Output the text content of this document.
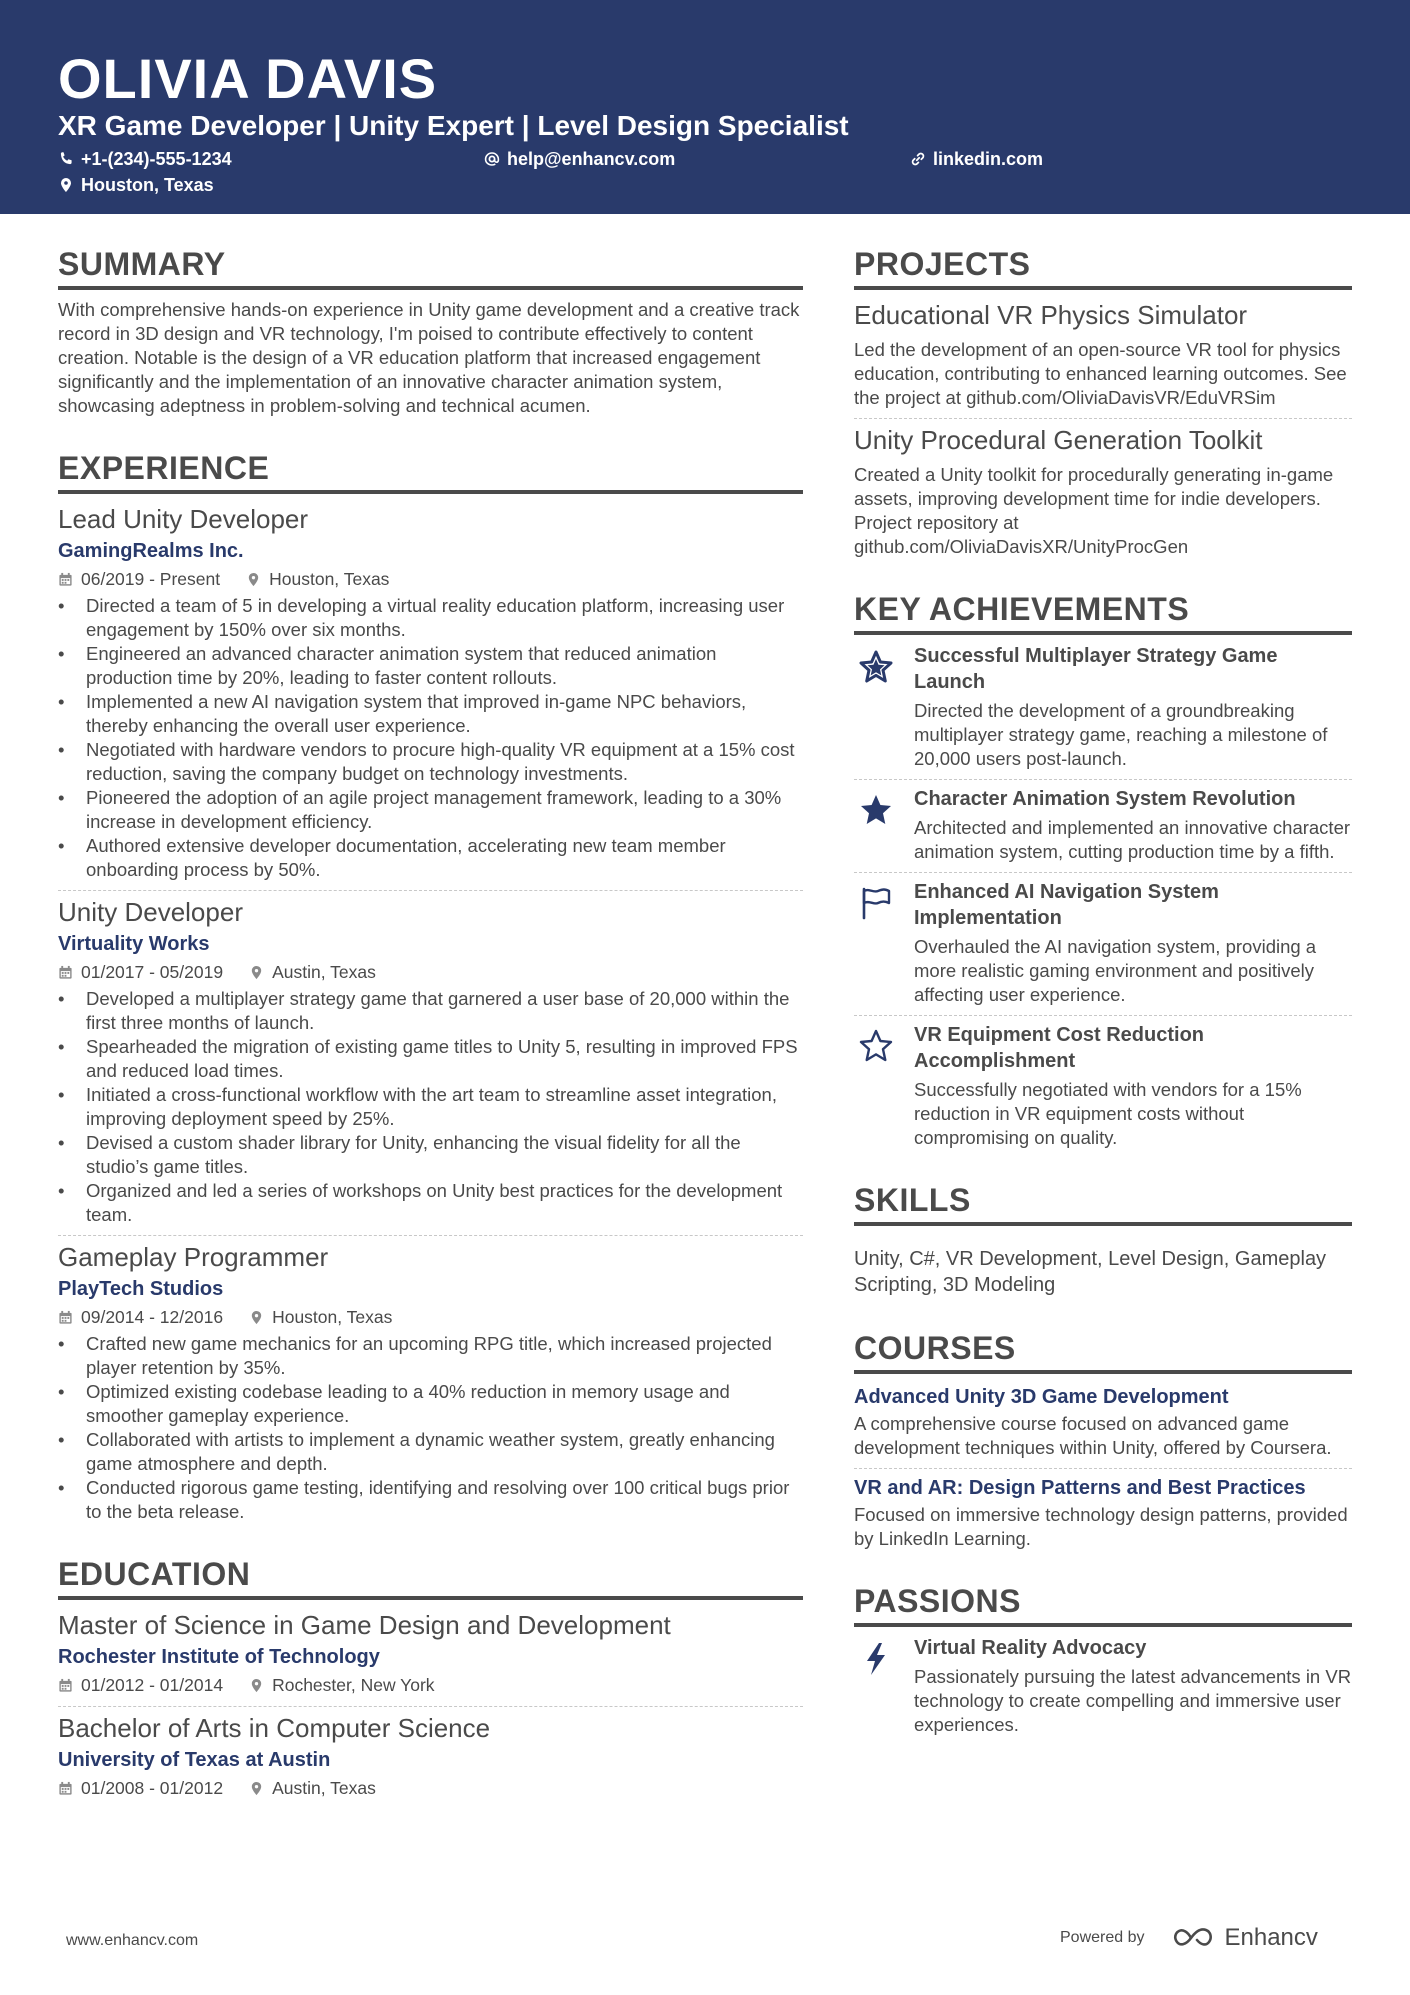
OLIVIA DAVIS
XR Game Developer | Unity Expert | Level Design Specialist
+1-(234)-555-1234	help@enhancv.com	linkedin.com
Houston, Texas
SUMMARY
With comprehensive hands-on experience in Unity game development and a creative track record in 3D design and VR technology, I'm poised to contribute effectively to content creation. Notable is the design of a VR education platform that increased engagement significantly and the implementation of an innovative character animation system, showcasing adeptness in problem-solving and technical acumen.
EXPERIENCE
Lead Unity Developer
GamingRealms Inc.
06/2019 - Present	Houston, Texas
• Directed a team of 5 in developing a virtual reality education platform, increasing user engagement by 150% over six months.
• Engineered an advanced character animation system that reduced animation production time by 20%, leading to faster content rollouts.
• Implemented a new AI navigation system that improved in-game NPC behaviors, thereby enhancing the overall user experience.
• Negotiated with hardware vendors to procure high-quality VR equipment at a 15% cost reduction, saving the company budget on technology investments.
• Pioneered the adoption of an agile project management framework, leading to a 30% increase in development efficiency.
• Authored extensive developer documentation, accelerating new team member onboarding process by 50%.
Unity Developer
Virtuality Works
01/2017 - 05/2019	Austin, Texas
• Developed a multiplayer strategy game that garnered a user base of 20,000 within the first three months of launch.
• Spearheaded the migration of existing game titles to Unity 5, resulting in improved FPS and reduced load times.
• Initiated a cross-functional workflow with the art team to streamline asset integration, improving deployment speed by 25%.
• Devised a custom shader library for Unity, enhancing the visual fidelity for all the studio’s game titles.
• Organized and led a series of workshops on Unity best practices for the development team.
Gameplay Programmer
PlayTech Studios
09/2014 - 12/2016	Houston, Texas
• Crafted new game mechanics for an upcoming RPG title, which increased projected player retention by 35%.
• Optimized existing codebase leading to a 40% reduction in memory usage and smoother gameplay experience.
• Collaborated with artists to implement a dynamic weather system, greatly enhancing game atmosphere and depth.
• Conducted rigorous game testing, identifying and resolving over 100 critical bugs prior to the beta release.
EDUCATION
Master of Science in Game Design and Development
Rochester Institute of Technology
01/2012 - 01/2014	Rochester, New York
Bachelor of Arts in Computer Science
University of Texas at Austin
01/2008 - 01/2012	Austin, Texas
PROJECTS
Educational VR Physics Simulator
Led the development of an open-source VR tool for physics education, contributing to enhanced learning outcomes. See the project at github.com/OliviaDavisVR/EduVRSim
Unity Procedural Generation Toolkit
Created a Unity toolkit for procedurally generating in-game assets, improving development time for indie developers. Project repository at github.com/OliviaDavisXR/UnityProcGen
KEY ACHIEVEMENTS
Successful Multiplayer Strategy Game Launch
Directed the development of a groundbreaking multiplayer strategy game, reaching a milestone of 20,000 users post-launch.
Character Animation System Revolution
Architected and implemented an innovative character animation system, cutting production time by a fifth.
Enhanced AI Navigation System Implementation
Overhauled the AI navigation system, providing a more realistic gaming environment and positively affecting user experience.
VR Equipment Cost Reduction Accomplishment
Successfully negotiated with vendors for a 15% reduction in VR equipment costs without compromising on quality.
SKILLS
Unity, C#, VR Development, Level Design, Gameplay Scripting, 3D Modeling
COURSES
Advanced Unity 3D Game Development
A comprehensive course focused on advanced game development techniques within Unity, offered by Coursera.
VR and AR: Design Patterns and Best Practices
Focused on immersive technology design patterns, provided by LinkedIn Learning.
PASSIONS
Virtual Reality Advocacy
Passionately pursuing the latest advancements in VR technology to create compelling and immersive user experiences.
www.enhancv.com	Powered by	Enhancv
